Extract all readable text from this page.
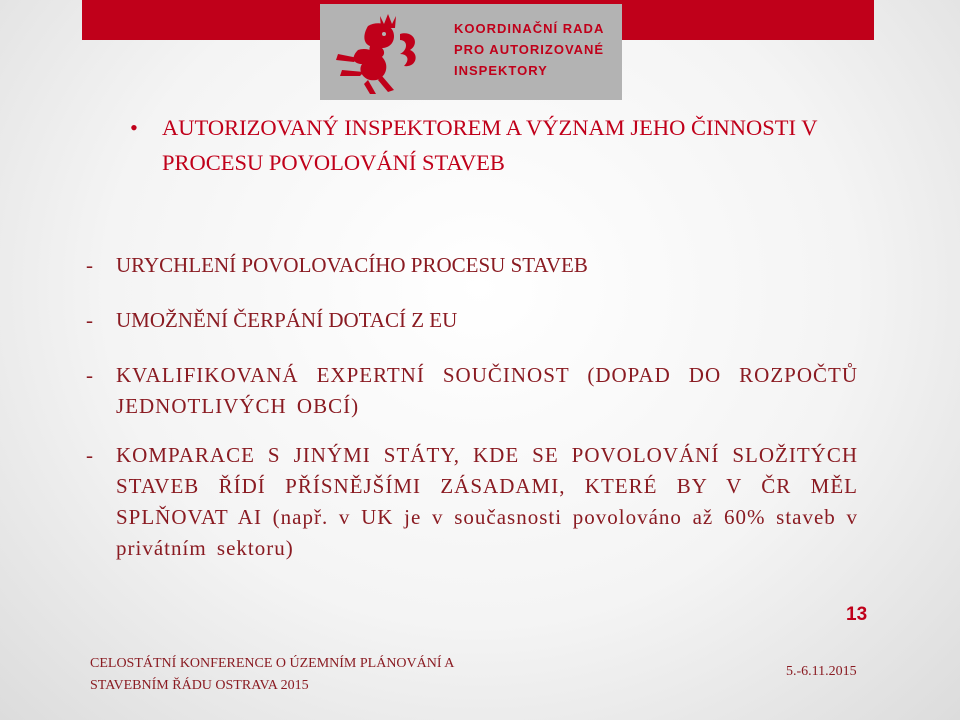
KOORDINAČNÍ RADA
PRO AUTORIZOVANÉ
INSPEKTORY
•	AUTORIZOVANÝ INSPEKTOREM A VÝZNAM JEHO ČINNOSTI V PROCESU POVOLOVÁNÍ STAVEB
- URYCHLENÍ POVOLOVACÍHO PROCESU STAVEB
- UMOŽNĚNÍ ČERPÁNÍ DOTACÍ Z EU
- KVALIFIKOVANÁ EXPERTNÍ SOUČINOST (DOPAD DO ROZPOČTŮ JEDNOTLIVÝCH OBCÍ)
- KOMPARACE S JINÝMI STÁTY, KDE SE POVOLOVÁNÍ SLOŽITÝCH STAVEB ŘÍDÍ PŘÍSNĚJŠÍMI ZÁSADAMI, KTERÉ BY V ČR MĚL SPLŇOVAT AI (např. v UK je v současnosti povolováno až 60% staveb v privátním sektoru)
13
CELOSTÁTNÍ KONFERENCE O ÚZEMNÍM PLÁNOVÁNÍ A
STAVEBNÍM ŘÁDU OSTRAVA 2015
5.-6.11.2015
